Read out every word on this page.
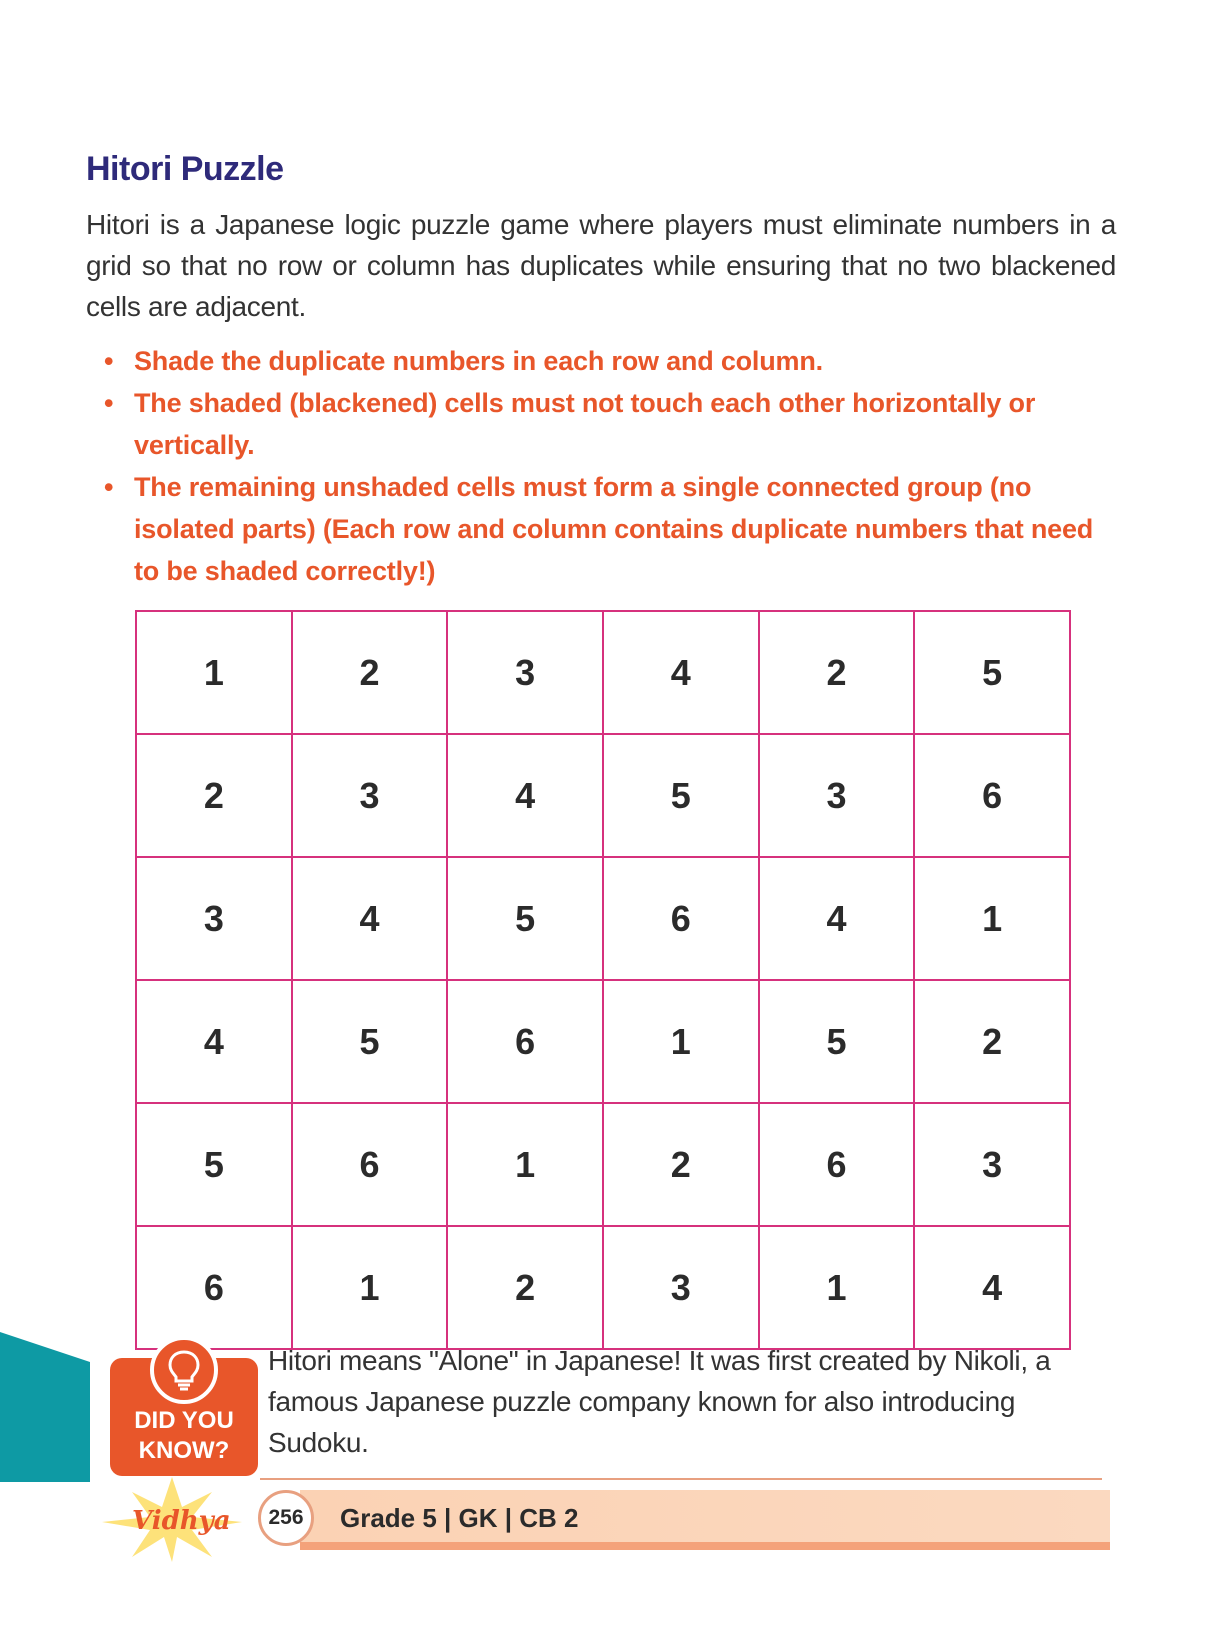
Hitori Puzzle
Hitori is a Japanese logic puzzle game where players must eliminate numbers in a grid so that no row or column has duplicates while ensuring that no two blackened cells are adjacent.
• Shade the duplicate numbers in each row and column.
• The shaded (blackened) cells must not touch each other horizontally or vertically.
• The remaining unshaded cells must form a single connected group (no isolated parts) (Each row and column contains duplicate numbers that need to be shaded correctly!)
1	2	3	4	2	5
2	3	4	5	3	6
3	4	5	6	4	1
4	5	6	1	5	2
5	6	1	2	6	3
6	1	2	3	1	4
DID YOU
KNOW?
Hitori means "Alone" in Japanese! It was first created by Nikoli, a famous Japanese puzzle company known for also introducing Sudoku.
Grade 5 | GK | CB 2
Vidhya	256
